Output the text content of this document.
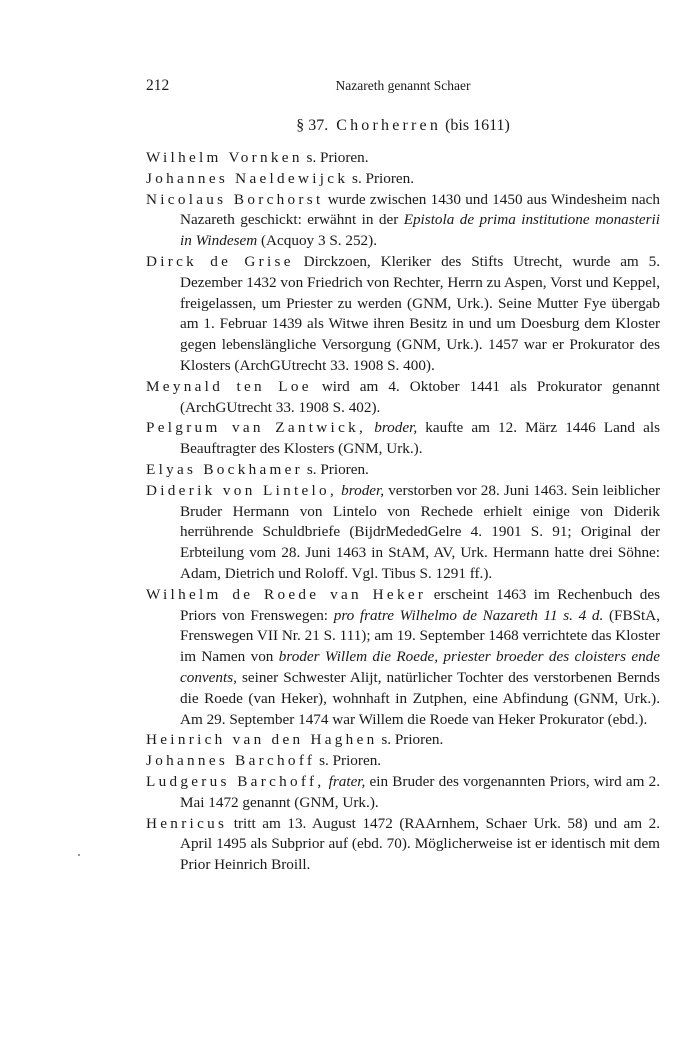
212	Nazareth genannt Schaer
§ 37. Chorherren (bis 1611)

Wilhelm Vornken s. Prioren.

Johannes Naeldewijck s. Prioren.

Nicolaus Borchorst wurde zwischen 1430 und 1450 aus Windesheim nach Nazareth geschickt: erwähnt in der Epistola de prima institutione monasterii in Windesem (Acquoy 3 S. 252).

Dirck de Grise Dirckzoen, Kleriker des Stifts Utrecht, wurde am 5. Dezember 1432 von Friedrich von Rechter, Herrn zu Aspen, Vorst und Keppel, freigelassen, um Priester zu werden (GNM, Urk.). Seine Mutter Fye übergab am 1. Februar 1439 als Witwe ihren Besitz in und um Doesburg dem Kloster gegen lebenslängliche Versorgung (GNM, Urk.). 1457 war er Prokurator des Klosters (ArchGUtrecht 33. 1908 S. 400).

Meynald ten Loe wird am 4. Oktober 1441 als Prokurator genannt (ArchGUtrecht 33. 1908 S. 402).

Pelgrum van Zantwick, broder, kaufte am 12. März 1446 Land als Beauftragter des Klosters (GNM, Urk.).

Elyas Bockhamer s. Prioren.

Diderik von Lintelo, broder, verstorben vor 28. Juni 1463. Sein leiblicher Bruder Hermann von Lintelo von Rechede erhielt einige von Diderik herrührende Schuldbriefe (BijdrMededGelre 4. 1901 S. 91; Original der Erbteilung vom 28. Juni 1463 in StAM, AV, Urk. Hermann hatte drei Söhne: Adam, Dietrich und Roloff. Vgl. Tibus S. 1291 ff.).

Wilhelm de Roede van Heker erscheint 1463 im Rechenbuch des Priors von Frenswegen: pro fratre Wilhelmo de Nazareth 11 s. 4 d. (FBStA, Frenswegen VII Nr. 21 S. 111); am 19. September 1468 verrichtete das Kloster im Namen von broder Willem die Roede, priester broeder des cloisters ende convents, seiner Schwester Alijt, natürlicher Tochter des verstorbenen Bernds die Roede (van Heker), wohnhaft in Zutphen, eine Abfindung (GNM, Urk.). Am 29. September 1474 war Willem die Roede van Heker Prokurator (ebd.).

Heinrich van den Haghen s. Prioren.

Johannes Barchoff s. Prioren.

Ludgerus Barchoff, frater, ein Bruder des vorgenannten Priors, wird am 2. Mai 1472 genannt (GNM, Urk.).

Henricus tritt am 13. August 1472 (RAArnhem, Schaer Urk. 58) und am 2. April 1495 als Subprior auf (ebd. 70). Möglicherweise ist er identisch mit dem Prior Heinrich Broill.
